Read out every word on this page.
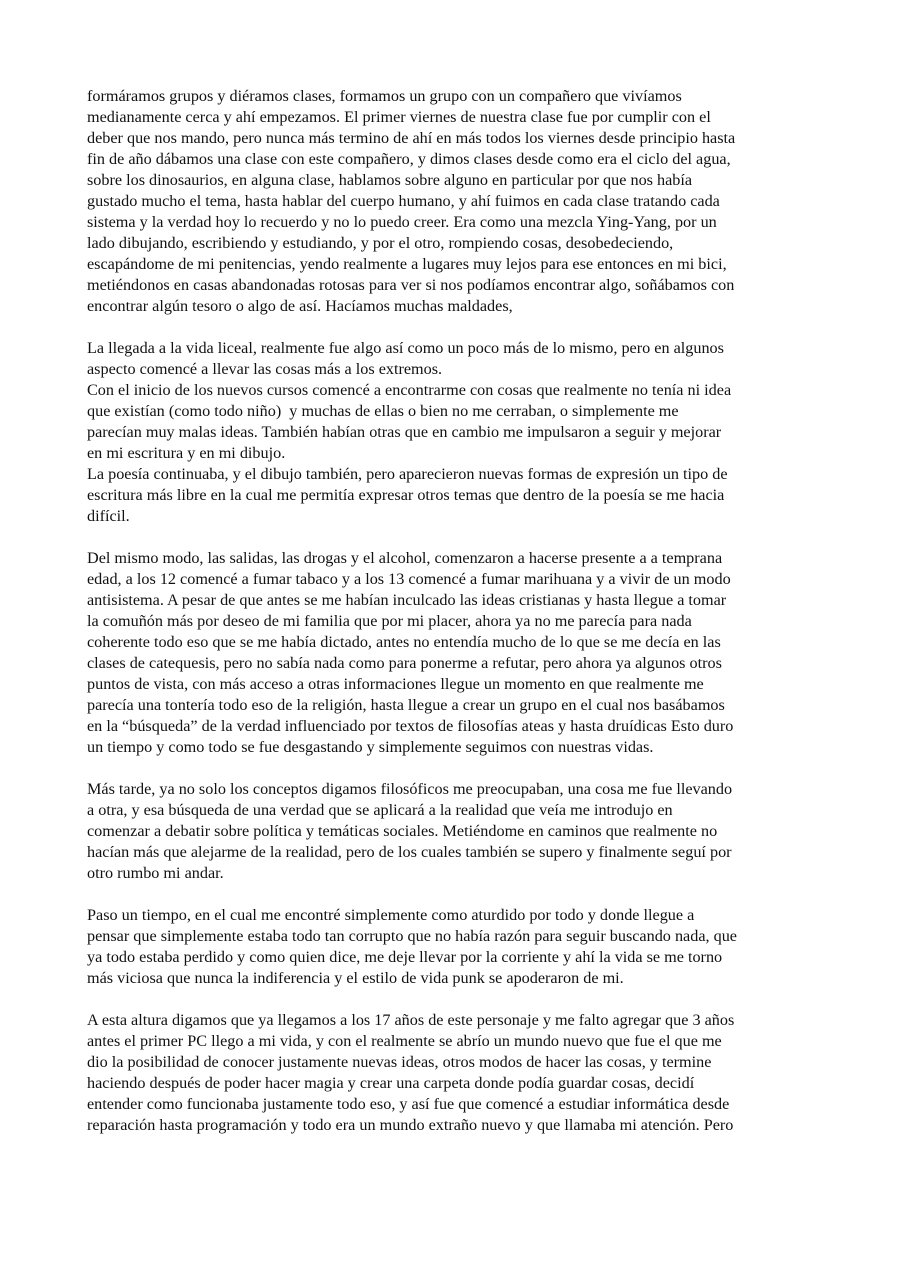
formáramos grupos y diéramos clases, formamos un grupo con un compañero que vivíamos
medianamente cerca y ahí empezamos. El primer viernes de nuestra clase fue por cumplir con el
deber que nos mando, pero nunca más termino de ahí en más todos los viernes desde principio hasta
fin de año dábamos una clase con este compañero, y dimos clases desde como era el ciclo del agua,
sobre los dinosaurios, en alguna clase, hablamos sobre alguno en particular por que nos había
gustado mucho el tema, hasta hablar del cuerpo humano, y ahí fuimos en cada clase tratando cada
sistema y la verdad hoy lo recuerdo y no lo puedo creer. Era como una mezcla Ying-Yang, por un
lado dibujando, escribiendo y estudiando, y por el otro, rompiendo cosas, desobedeciendo,
escapándome de mi penitencias, yendo realmente a lugares muy lejos para ese entonces en mi bici,
metiéndonos en casas abandonadas rotosas para ver si nos podíamos encontrar algo, soñábamos con
encontrar algún tesoro o algo de así. Hacíamos muchas maldades,
La llegada a la vida liceal, realmente fue algo así como un poco más de lo mismo, pero en algunos
aspecto comencé a llevar las cosas más a los extremos.
Con el inicio de los nuevos cursos comencé a encontrarme con cosas que realmente no tenía ni idea
que existían (como todo niño)  y muchas de ellas o bien no me cerraban, o simplemente me
parecían muy malas ideas. También habían otras que en cambio me impulsaron a seguir y mejorar
en mi escritura y en mi dibujo.
La poesía continuaba, y el dibujo también, pero aparecieron nuevas formas de expresión un tipo de
escritura más libre en la cual me permitía expresar otros temas que dentro de la poesía se me hacia
difícil.
Del mismo modo, las salidas, las drogas y el alcohol, comenzaron a hacerse presente a a temprana
edad, a los 12 comencé a fumar tabaco y a los 13 comencé a fumar marihuana y a vivir de un modo
antisistema. A pesar de que antes se me habían inculcado las ideas cristianas y hasta llegue a tomar
la comuñón más por deseo de mi familia que por mi placer, ahora ya no me parecía para nada
coherente todo eso que se me había dictado, antes no entendía mucho de lo que se me decía en las
clases de catequesis, pero no sabía nada como para ponerme a refutar, pero ahora ya algunos otros
puntos de vista, con más acceso a otras informaciones llegue un momento en que realmente me
parecía una tontería todo eso de la religión, hasta llegue a crear un grupo en el cual nos basábamos
en la “búsqueda” de la verdad influenciado por textos de filosofías ateas y hasta druídicas Esto duro
un tiempo y como todo se fue desgastando y simplemente seguimos con nuestras vidas.
Más tarde, ya no solo los conceptos digamos filosóficos me preocupaban, una cosa me fue llevando
a otra, y esa búsqueda de una verdad que se aplicará a la realidad que veía me introdujo en
comenzar a debatir sobre política y temáticas sociales. Metiéndome en caminos que realmente no
hacían más que alejarme de la realidad, pero de los cuales también se supero y finalmente seguí por
otro rumbo mi andar.
Paso un tiempo, en el cual me encontré simplemente como aturdido por todo y donde llegue a
pensar que simplemente estaba todo tan corrupto que no había razón para seguir buscando nada, que
ya todo estaba perdido y como quien dice, me deje llevar por la corriente y ahí la vida se me torno
más viciosa que nunca la indiferencia y el estilo de vida punk se apoderaron de mi.
A esta altura digamos que ya llegamos a los 17 años de este personaje y me falto agregar que 3 años
antes el primer PC llego a mi vida, y con el realmente se abrío un mundo nuevo que fue el que me
dio la posibilidad de conocer justamente nuevas ideas, otros modos de hacer las cosas, y termine
haciendo después de poder hacer magia y crear una carpeta donde podía guardar cosas, decidí
entender como funcionaba justamente todo eso, y así fue que comencé a estudiar informática desde
reparación hasta programación y todo era un mundo extraño nuevo y que llamaba mi atención. Pero
